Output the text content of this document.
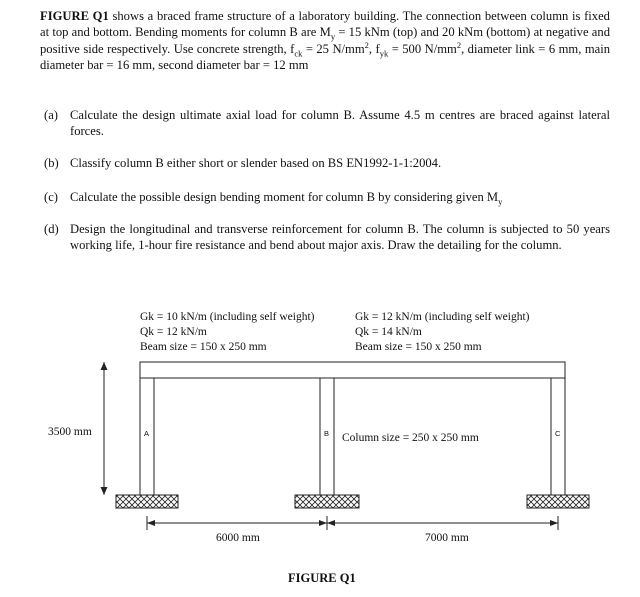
FIGURE Q1 shows a braced frame structure of a laboratory building. The connection between column is fixed at top and bottom. Bending moments for column B are $M_y = 15$ kNm (top) and 20 kNm (bottom) at negative and positive side respectively. Use concrete strength, $f_{ck} = 25$ $N/mm^2$, $f_{yk} = 500$ $N/mm^2$, diameter link = 6 mm, main diameter bar = 16 mm, second diameter bar = 12 mm
(a) Calculate the design ultimate axial load for column B. Assume 4.5 m centres are braced against lateral forces.
(b) Classify column B either short or slender based on BS EN1992-1-1:2004.
(c) Calculate the possible design bending moment for column B by considering given $M_y$
(d) Design the longitudinal and transverse reinforcement for column B. The column is subjected to 50 years working life, 1-hour fire resistance and bend about major axis. Draw the detailing for the column.
Gk = 10 kN/m (including self weight)
Qk = 12 kN/m
Beam size = 150 x 250 mm
Gk = 12 kN/m (including self weight)
Qk = 14 kN/m
Beam size = 150 x 250 mm
A	B	C
Column size = 250 x 250 mm
3500 mm
6000 mm	7000 mm
FIGURE Q1
